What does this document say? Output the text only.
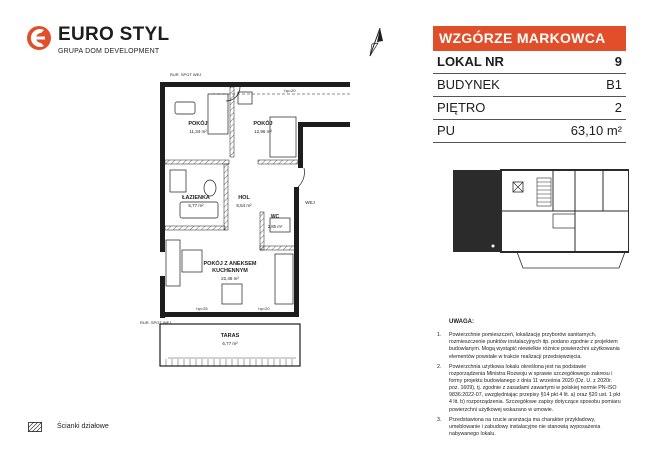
EURO STYL
GRUPA DOM DEVELOPMENT
WZGÓRZE MARKOWCA
LOKAL NR	9
BUDYNEK	B1
PIĘTRO	2
PU	63,10 m²
UWAGA:
1. Powierzchnie pomieszczeń, lokalizację przyborów sanitarnych, rozmieszczenie punktów instalacyjnych itp. podano zgodnie z projektem budowlanym. Mogą wystąpić niewielkie różnice powierzchni użytkowania elementów powstałe w trakcie realizacji przedsięwzięcia.
2. Powierzchnia użytkowa lokalu określona jest na podstawie rozporządzenia Ministra Rozwoju w sprawie szczegółowego zakresu i formy projektu budowlanego z dnia 11 września 2020 (Dz. U. z 2020r. poz. 1609), tj. zgodnie z zasadami zawartymi w polskiej normie PN-ISO 9836:2022-07, uwzględniając przepisy §14 pkt 4 lit. a) oraz §20 ust. 1 pkt 4 lit. b) rozporządzenia. Szczegółowe zapisy dotyczące sposobu pomiaru powierzchni użytkowej wskazano w umowie.
3. Przedstawiona na rzucie aranżacja ma charakter przykładowy, umeblowanie i zabudowy instalacyjne nie stanowią wyposażenia nabywanego lokalu.
RUR. SPOT WEJ
RUR. SPOT WEJ
hp=20
hp=25	hp=20
WEJ
POKÓJ
11,34 m²
POKÓJ
12,96 m²
ŁAZIENKA
5,77 m²
HOL
8,54 m²
WC
2,85 m²
POKÓJ Z ANEKSEM
KUCHENNYM
22,48 m²
TARAS
6,77 m²
Ścianki działowe
